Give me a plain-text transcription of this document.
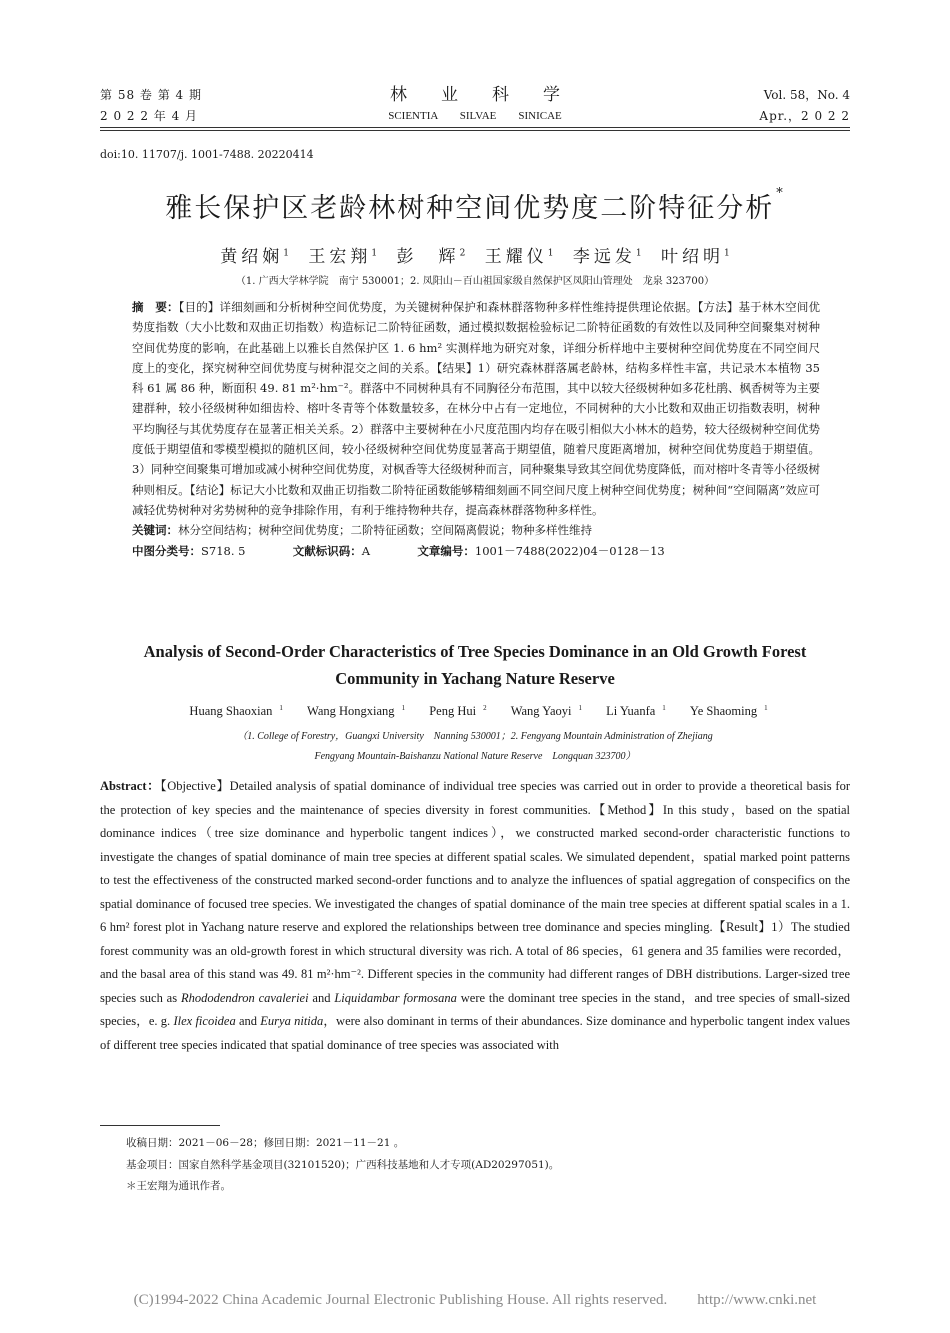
第 58 卷 第 4 期
2 0 2 2 年 4 月
林　　业　　科　　学
SCIENTIA　　SILVAE　　SINICAE
Vol. 58，No. 4
Apr.，2 0 2 2
doi:10. 11707/j. 1001-7488. 20220414
雅长保护区老龄林树种空间优势度二阶特征分析 *
黄绍娴$^1$ 王宏翔$^1$ 彭　辉$^2$ 王耀仪$^1$ 李远发$^1$ 叶绍明$^1$
（1. 广西大学林学院　南宁 530001；2. 凤阳山－百山祖国家级自然保护区凤阳山管理处　龙泉 323700）

摘　要：【目的】详细刻画和分析树种空间优势度，为关键树种保护和森林群落物种多样性维持提供理论依据。【方法】基于林木空间优势度指数（大小比数和双曲正切指数）构造标记二阶特征函数，通过模拟数据检验标记二阶特征函数的有效性以及同种空间聚集对树种空间优势度的影响，在此基础上以雅长自然保护区 1. 6 hm² 实测样地为研究对象，详细分析样地中主要树种空间优势度在不同空间尺度上的变化，探究树种空间优势度与树种混交之间的关系。【结果】1）研究森林群落属老龄林，结构多样性丰富，共记录木本植物 35 科 61 属 86 种，断面积 49. 81 m²·hm⁻²。群落中不同树种具有不同胸径分布范围，其中以较大径级树种如多花杜鹃、枫香树等为主要建群种，较小径级树种如细齿柃、榕叶冬青等个体数量较多，在林分中占有一定地位，不同树种的大小比数和双曲正切指数表明，树种平均胸径与其优势度存在显著正相关关系。2）群落中主要树种在小尺度范围内均存在吸引相似大小林木的趋势，较大径级树种空间优势度低于期望值和零模型模拟的随机区间，较小径级树种空间优势度显著高于期望值，随着尺度距离增加，树种空间优势度趋于期望值。3）同种空间聚集可增加或减小树种空间优势度，对枫香等大径级树种而言，同种聚集导致其空间优势度降低，而对榕叶冬青等小径级树种则相反。【结论】标记大小比数和双曲正切指数二阶特征函数能够精细刻画不同空间尺度上树种空间优势度；树种间“空间隔离”效应可减轻优势树种对劣势树种的竞争排除作用，有利于维持物种共存，提高森林群落物种多样性。

关键词：林分空间结构；树种空间优势度；二阶特征函数；空间隔离假说；物种多样性维持

中图分类号：S718. 5	文献标识码：A	文章编号：1001－7488(2022)04－0128－13

Analysis of Second-Order Characteristics of Tree Species Dominance in an Old Growth Forest Community in Yachang Nature Reserve
Huang Shaoxian $^1$ Wang Hongxiang $^1$ Peng Hui $^2$ Wang Yaoyi $^1$ Li Yuanfa $^1$ Ye Shaoming $^1$
（1. College of Forestry，Guangxi University　Nanning 530001；2. Fengyang Mountain Administration of Zhejiang
Fengyang Mountain-Baishanzu National Nature Reserve　Longquan 323700）
Abstract：【Objective】Detailed analysis of spatial dominance of individual tree species was carried out in order to provide a theoretical basis for the protection of key species and the maintenance of species diversity in forest communities.【Method】In this study，based on the spatial dominance indices（tree size dominance and hyperbolic tangent indices），we constructed marked second-order characteristic functions to investigate the changes of spatial dominance of main tree species at different spatial scales. We simulated dependent，spatial marked point patterns to test the effectiveness of the constructed marked second-order functions and to analyze the influences of spatial aggregation of conspecifics on the spatial dominance of focused tree species. We investigated the changes of spatial dominance of the main tree species at different spatial scales in a 1. 6 hm² forest plot in Yachang nature reserve and explored the relationships between tree dominance and species mingling.【Result】1）The studied forest community was an old-growth forest in which structural diversity was rich. A total of 86 species，61 genera and 35 families were recorded，and the basal area of this stand was 49. 81 m²·hm⁻². Different species in the community had different ranges of DBH distributions. Larger-sized tree species such as Rhododendron cavaleriei and Liquidambar formosana were the dominant tree species in the stand，and tree species of small-sized species，e. g. Ilex ficoidea and Eurya nitida，were also dominant in terms of their abundances. Size dominance and hyperbolic tangent index values of different tree species indicated that spatial dominance of tree species was associated with
收稿日期：2021－06－28；修回日期：2021－11－21 。
基金项目：国家自然科学基金项目(32101520)；广西科技基地和人才专项(AD20297051)。
＊王宏翔为通讯作者。
(C)1994-2022 China Academic Journal Electronic Publishing House. All rights reserved.　　http://www.cnki.net
